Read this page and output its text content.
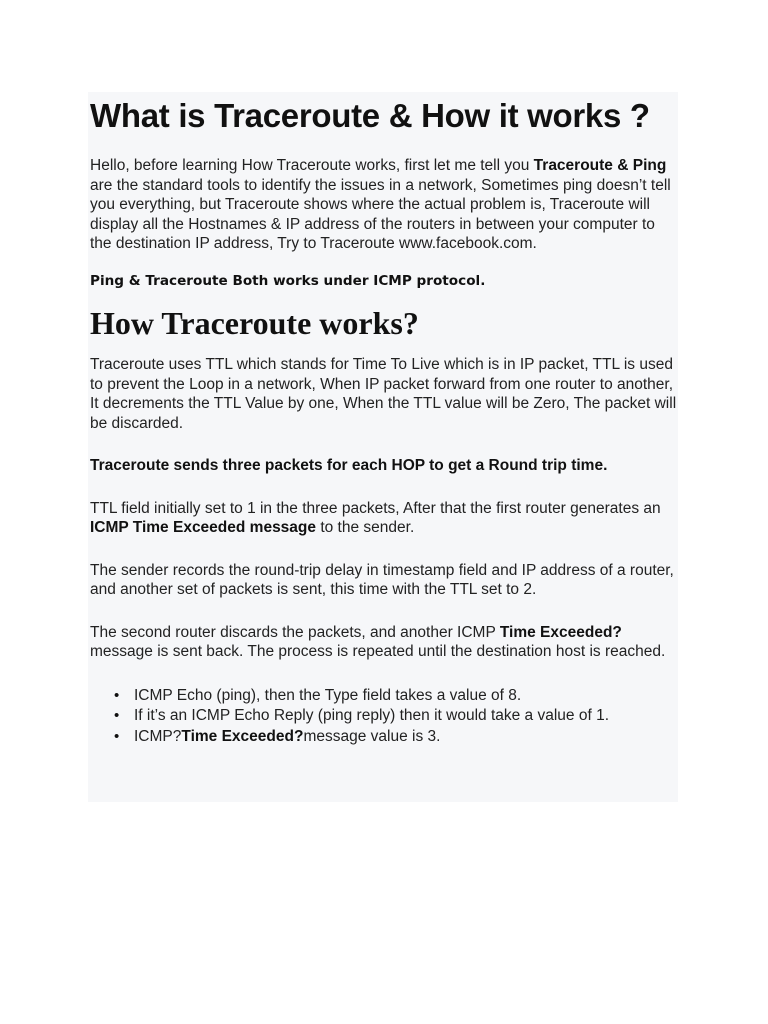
What is Traceroute & How it works ?

Hello, before learning How Traceroute works, first let me tell you Traceroute & Ping are the standard tools to identify the issues in a network, Sometimes ping doesn’t tell you everything, but Traceroute shows where the actual problem is, Traceroute will display all the Hostnames & IP address of the routers in between your computer to the destination IP address, Try to Traceroute www.facebook.com.

Ping & Traceroute Both works under ICMP protocol.

How Traceroute works?

Traceroute uses TTL which stands for Time To Live which is in IP packet, TTL is used to prevent the Loop in a network, When IP packet forward from one router to another, It decrements the TTL Value by one, When the TTL value will be Zero, The packet will be discarded.

Traceroute sends three packets for each HOP to get a Round trip time.

TTL field initially set to 1 in the three packets, After that the first router generates an ICMP Time Exceeded message to the sender.

The sender records the round-trip delay in timestamp field and IP address of a router, and another set of packets is sent, this time with the TTL set to 2.

The second router discards the packets, and another ICMP Time Exceeded? message is sent back. The process is repeated until the destination host is reached.

• ICMP Echo (ping), then the Type field takes a value of 8.
• If it’s an ICMP Echo Reply (ping reply) then it would take a value of 1.
• ICMP?Time Exceeded?message value is 3.
